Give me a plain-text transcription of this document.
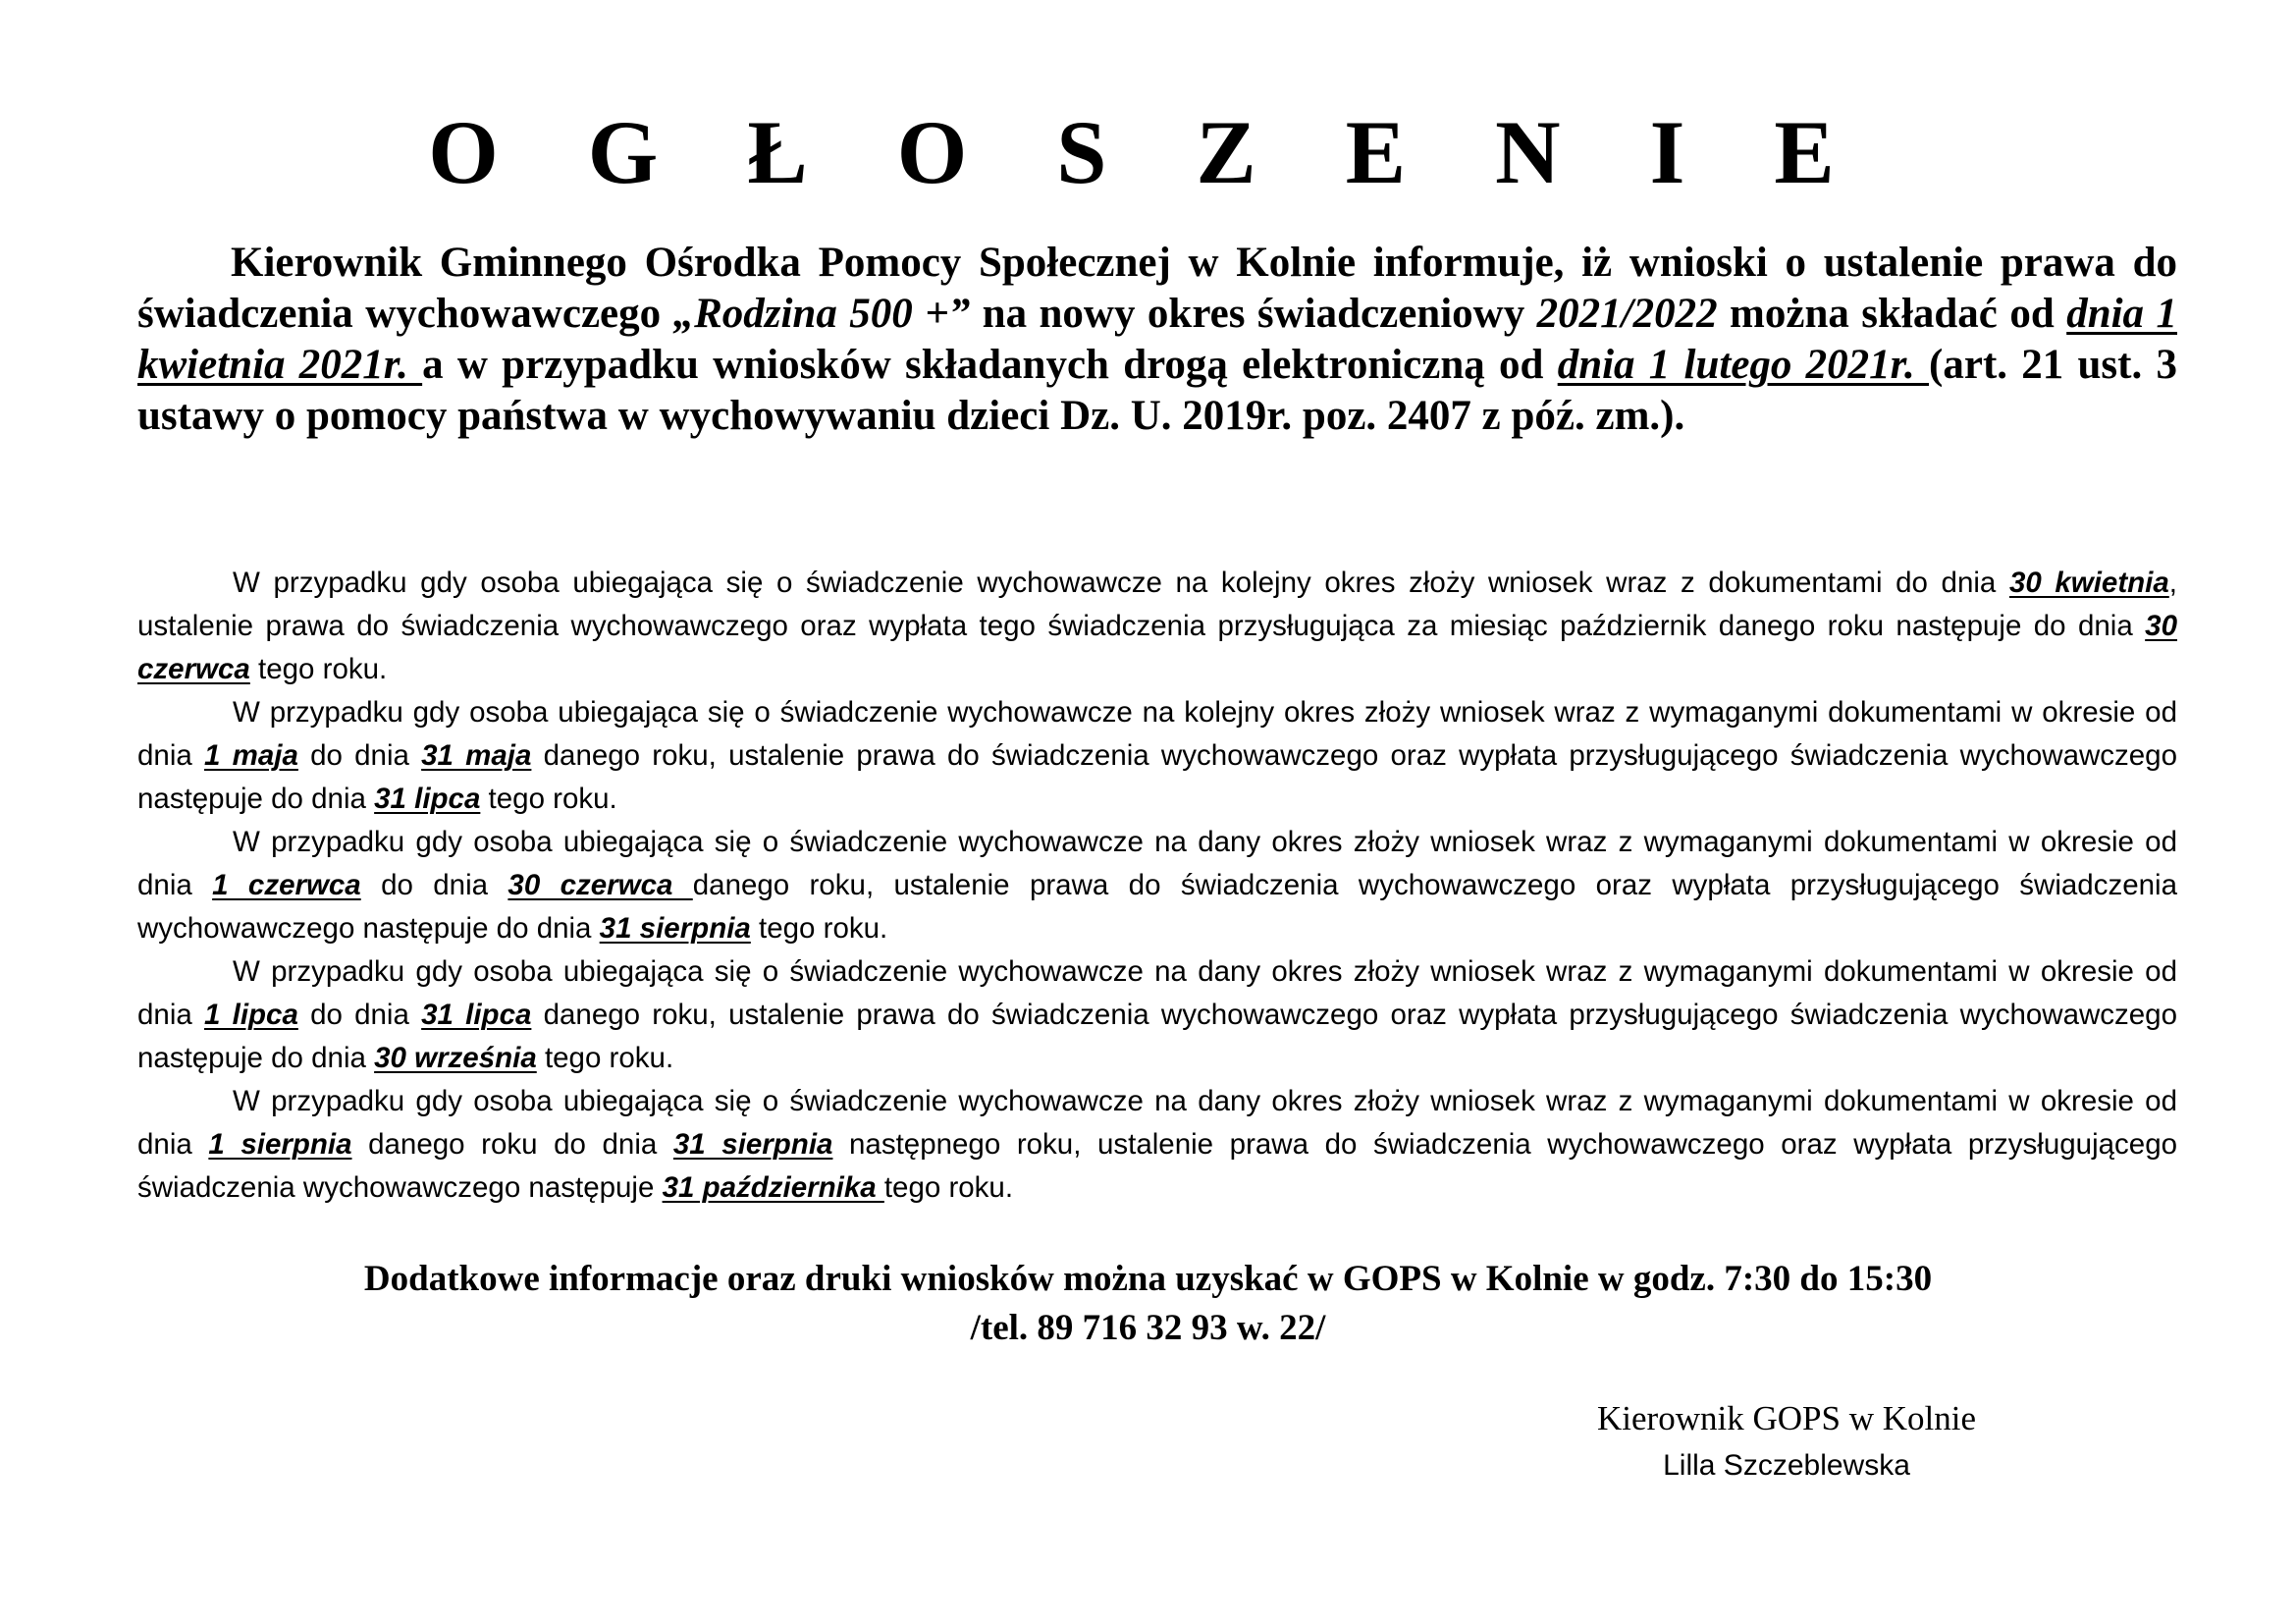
O G Ł O S Z E N I E

Kierownik Gminnego Ośrodka Pomocy Społecznej w Kolnie informuje, iż wnioski o ustalenie prawa do świadczenia wychowawczego „Rodzina 500 +” na nowy okres świadczeniowy 2021/2022 można składać od dnia 1 kwietnia 2021r. a w przypadku wniosków składanych drogą elektroniczną od dnia 1 lutego 2021r. (art. 21 ust. 3 ustawy o pomocy państwa w wychowywaniu dzieci Dz. U. 2019r. poz. 2407 z póź. zm.).

W przypadku gdy osoba ubiegająca się o świadczenie wychowawcze na kolejny okres złoży wniosek wraz z dokumentami do dnia 30 kwietnia, ustalenie prawa do świadczenia wychowawczego oraz wypłata tego świadczenia przysługująca za miesiąc październik danego roku następuje do dnia 30 czerwca tego roku.

W przypadku gdy osoba ubiegająca się o świadczenie wychowawcze na kolejny okres złoży wniosek wraz z wymaganymi dokumentami w okresie od dnia 1 maja do dnia 31 maja danego roku, ustalenie prawa do świadczenia wychowawczego oraz wypłata przysługującego świadczenia wychowawczego następuje do dnia 31 lipca tego roku.

W przypadku gdy osoba ubiegająca się o świadczenie wychowawcze na dany okres złoży wniosek wraz z wymaganymi dokumentami w okresie od dnia 1 czerwca do dnia 30 czerwca danego roku, ustalenie prawa do świadczenia wychowawczego oraz wypłata przysługującego świadczenia wychowawczego następuje do dnia 31 sierpnia tego roku.

W przypadku gdy osoba ubiegająca się o świadczenie wychowawcze na dany okres złoży wniosek wraz z wymaganymi dokumentami w okresie od dnia 1 lipca do dnia 31 lipca danego roku, ustalenie prawa do świadczenia wychowawczego oraz wypłata przysługującego świadczenia wychowawczego następuje do dnia 30 września tego roku.

W przypadku gdy osoba ubiegająca się o świadczenie wychowawcze na dany okres złoży wniosek wraz z wymaganymi dokumentami w okresie od dnia 1 sierpnia danego roku do dnia 31 sierpnia następnego roku, ustalenie prawa do świadczenia wychowawczego oraz wypłata przysługującego świadczenia wychowawczego następuje 31 października tego roku.

Dodatkowe informacje oraz druki wniosków można uzyskać w GOPS w Kolnie w godz. 7:30 do 15:30
/tel. 89 716 32 93 w. 22/
Kierownik GOPS w Kolnie
Lilla Szczeblewska
